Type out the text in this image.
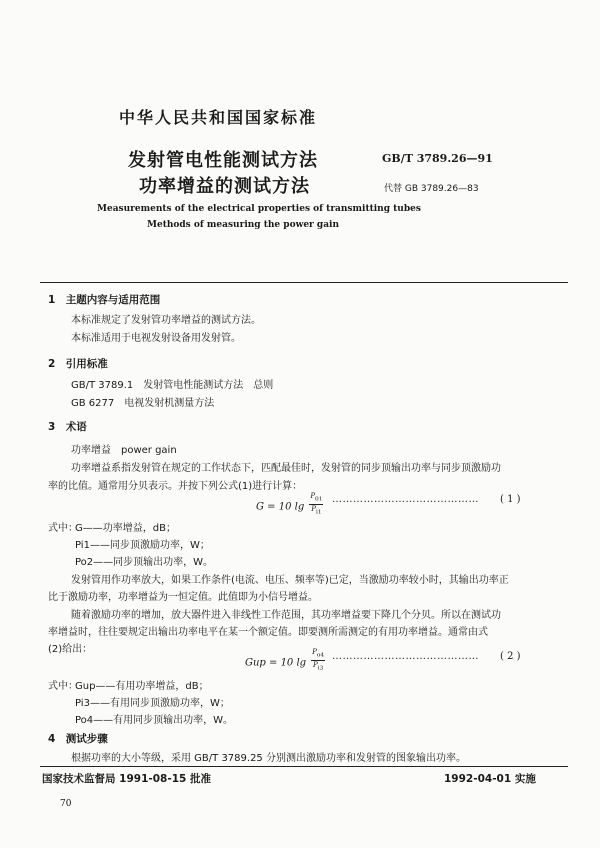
中华人民共和国国家标准
发射管电性能测试方法
功率增益的测试方法
GB/T 3789.26—91
代替 GB 3789.26—83
Measurements of the electrical properties of transmitting tubes
Methods of measuring the power gain
1　主题内容与适用范围
本标准规定了发射管功率增益的测试方法。
本标准适用于电视发射设备用发射管。
2　引用标准
GB/T 3789.1　发射管电性能测试方法　总则
GB 6277　电视发射机测量方法
3　术语
功率增益　power gain
功率增益系指发射管在规定的工作状态下，匹配最佳时，发射管的同步顶输出功率与同步顶激励功
率的比值。通常用分贝表示。并按下列公式(1)进行计算：
G = 10 $\lg \frac{P_{01}}{P_{i1}}$ …………………………………… ( 1 )
式中：
G——功率增益，dB；
Pi1——同步顶激励功率，W；
Po2——同步顶输出功率，W。
发射管用作功率放大，如果工作条件(电流、电压、频率等)已定，当激励功率较小时，其输出功率正
比于激励功率，功率增益为一恒定值。此值即为小信号增益。
随着激励功率的增加，放大器件进入非线性工作范围，其功率增益要下降几个分贝。所以在测试功
率增益时，往往要规定出输出功率电平在某一个额定值。即要测所需测定的有用功率增益。通常由式
(2)给出：
Gup = 10 $\lg \frac{P_{o4}}{P_{i3}}$ …………………………………… ( 2 )
式中：
Gup——有用功率增益，dB；
Pi3——有用同步顶激励功率，W；
Po4——有用同步顶输出功率，W。
4　测试步骤
根据功率的大小等级，采用 GB/T 3789.25 分别测出激励功率和发射管的图象输出功率。
国家技术监督局 1991-08-15 批准	1992-04-01 实施
70
